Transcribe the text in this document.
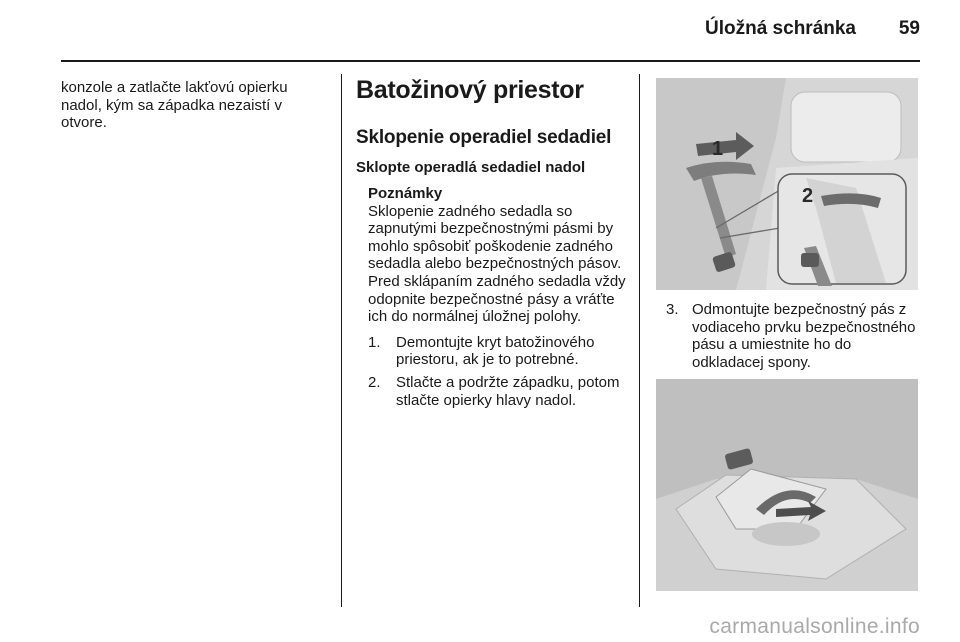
Úložná schránka 59
konzole a zatlačte lakťovú opierku nadol, kým sa západka nezaistí v otvore.
Batožinový priestor
Sklopenie operadiel sedadiel
Sklopte operadlá sedadiel nadol
Poznámky
Sklopenie zadného sedadla so zapnutými bezpečnostnými pásmi by mohlo spôsobiť poškodenie zadného sedadla alebo bezpečnostných pásov. Pred sklápaním zadného sedadla vždy odopnite bezpečnostné pásy a vráťte ich do normálnej úložnej polohy.
1. Demontujte kryt batožinového priestoru, ak je to potrebné.
2. Stlačte a podržte západku, potom stlačte opierky hlavy nadol.
1
2
3. Odmontujte bezpečnostný pás z vodiaceho prvku bezpečnostného pásu a umiestnite ho do odkladacej spony.
carmanualsonline.info
